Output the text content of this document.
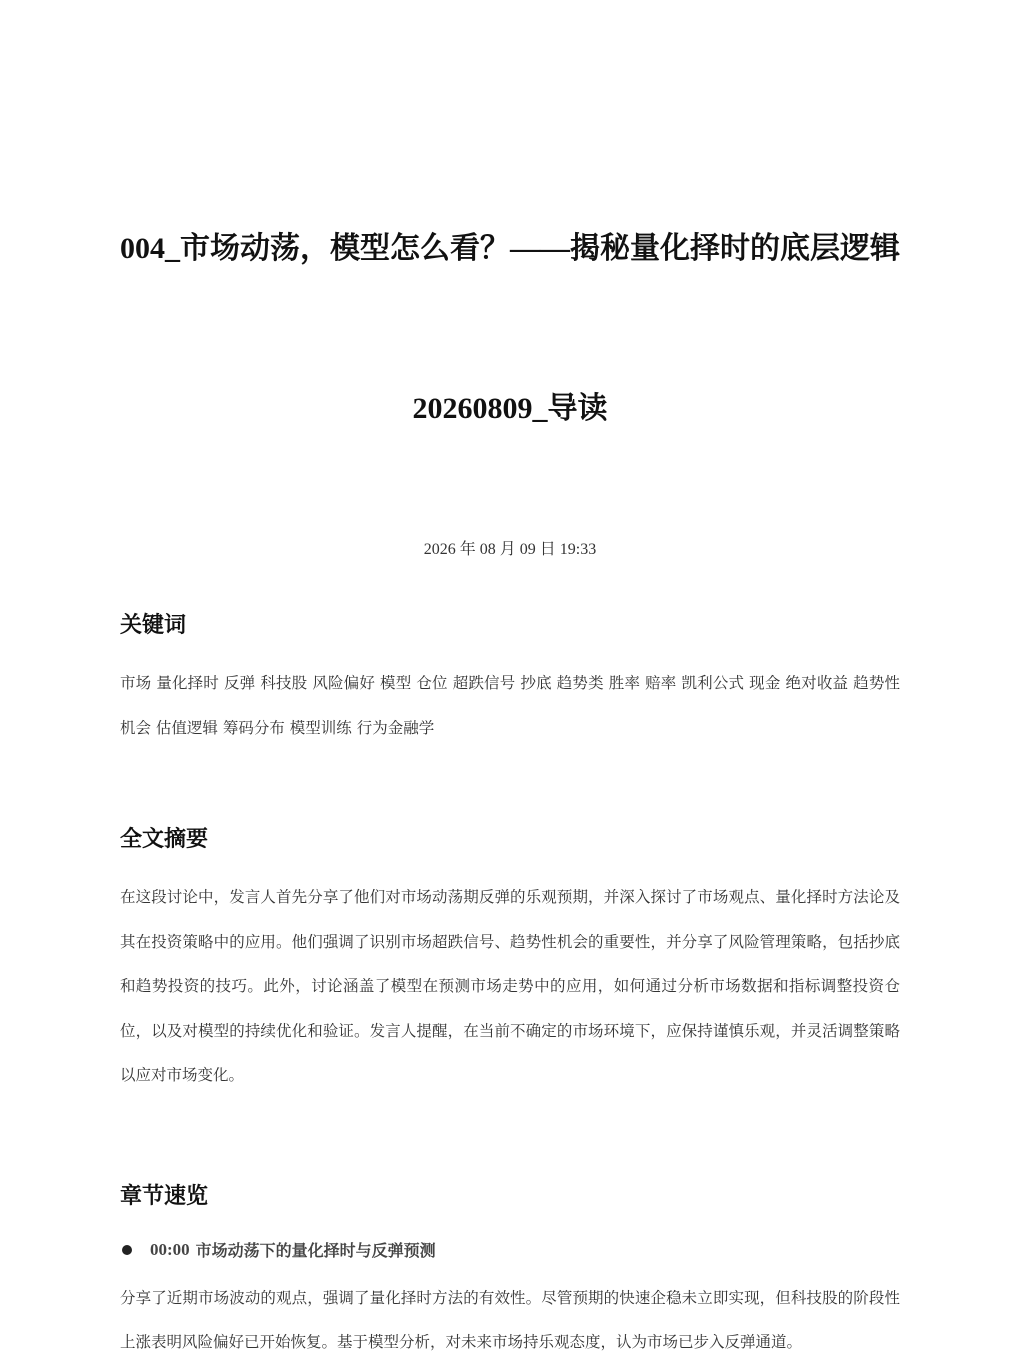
004_市场动荡，模型怎么看？——揭秘量化择时的底层逻辑

20260809_导读

2026 年 08 月 09 日 19:33
关键词

市场 量化择时 反弹 科技股 风险偏好 模型 仓位 超跌信号 抄底 趋势类 胜率 赔率 凯利公式 现金 绝对收益 趋势性机会 估值逻辑 筹码分布 模型训练 行为金融学

全文摘要

在这段讨论中，发言人首先分享了他们对市场动荡期反弹的乐观预期，并深入探讨了市场观点、量化择时方法论及其在投资策略中的应用。他们强调了识别市场超跌信号、趋势性机会的重要性，并分享了风险管理策略，包括抄底和趋势投资的技巧。此外，讨论涵盖了模型在预测市场走势中的应用，如何通过分析市场数据和指标调整投资仓位，以及对模型的持续优化和验证。发言人提醒，在当前不确定的市场环境下，应保持谨慎乐观，并灵活调整策略以应对市场变化。

章节速览
00:00 市场动荡下的量化择时与反弹预测

分享了近期市场波动的观点，强调了量化择时方法的有效性。尽管预期的快速企稳未立即实现，但科技股的阶段性上涨表明风险偏好已开始恢复。基于模型分析，对未来市场持乐观态度，认为市场已步入反弹通道。
